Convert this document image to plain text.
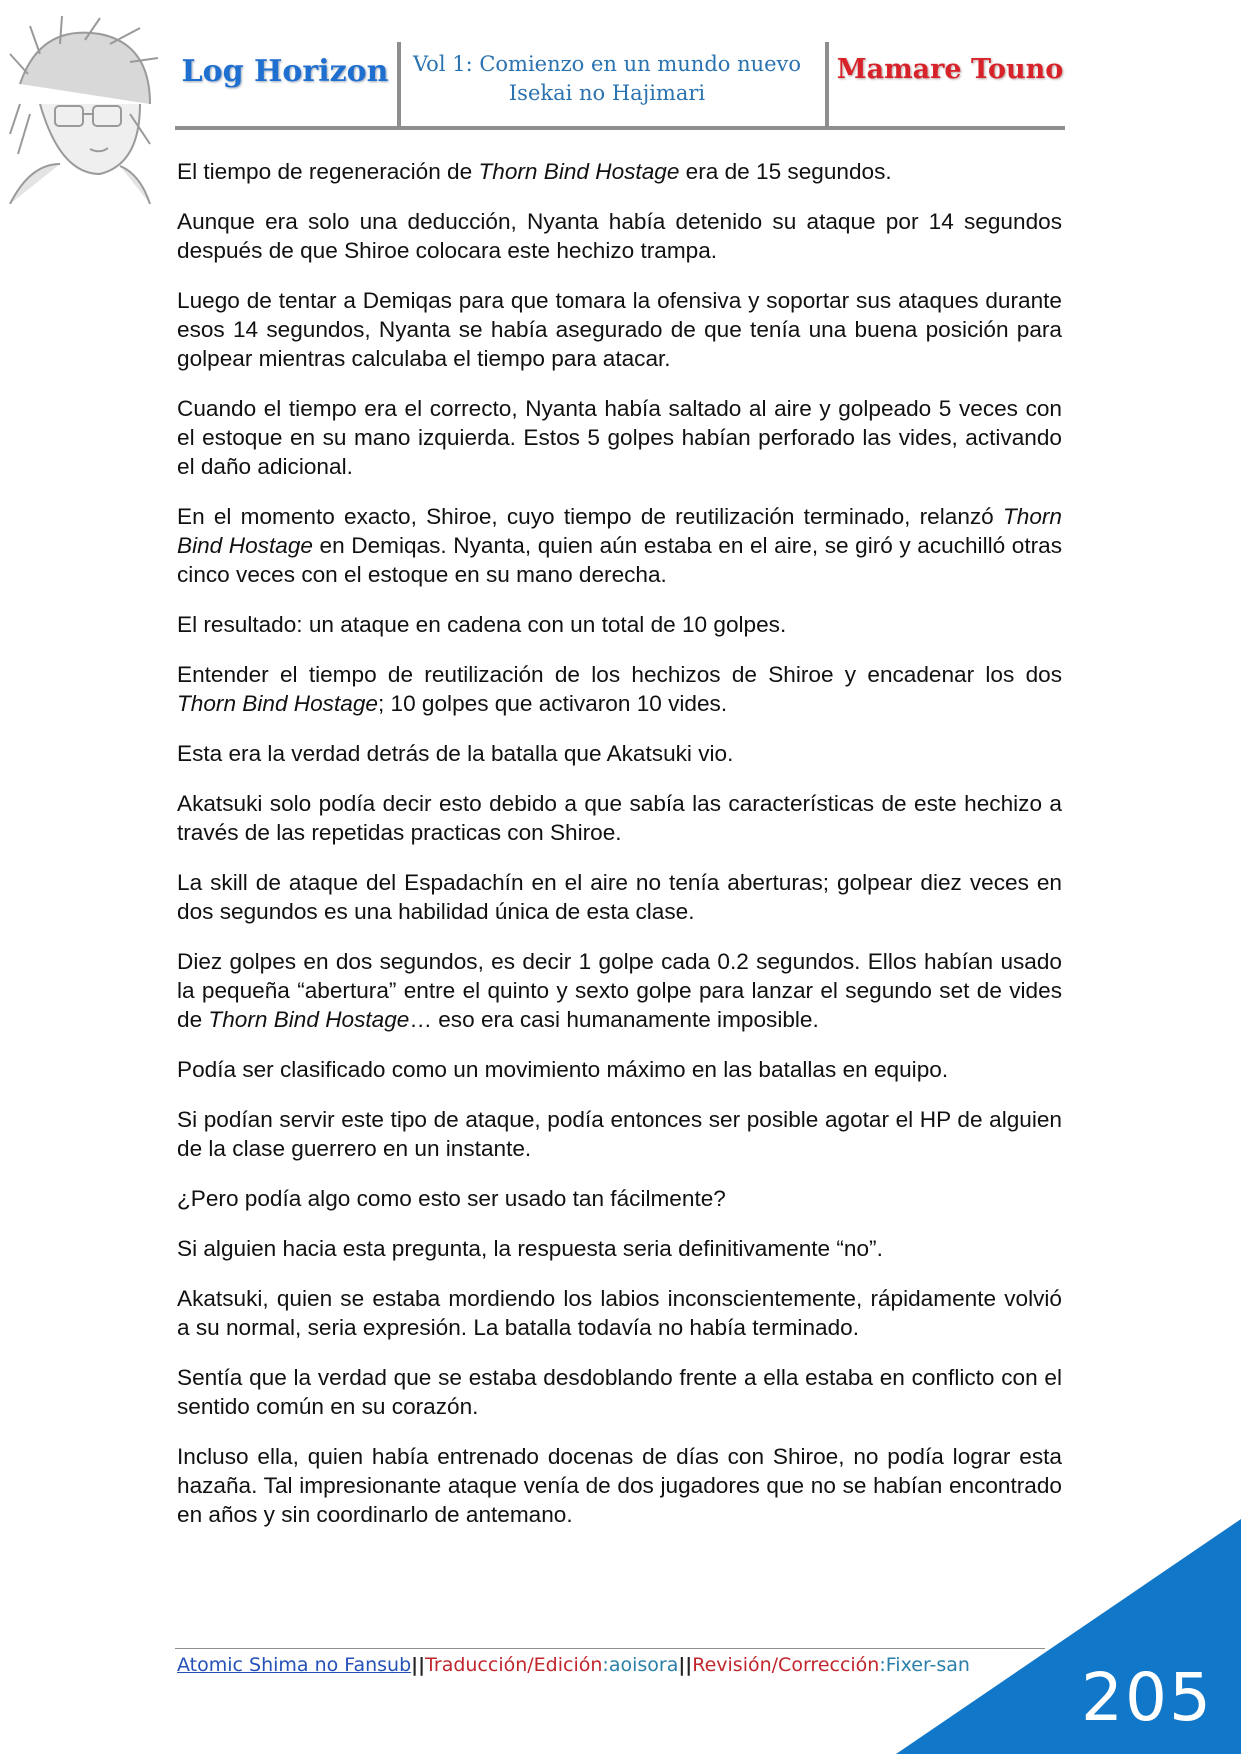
Log Horizon	Vol 1: Comienzo en un mundo nuevo
Isekai no Hajimari
Mamare Touno

El tiempo de regeneración de Thorn Bind Hostage era de 15 segundos.

Aunque era solo una deducción, Nyanta había detenido su ataque por 14 segundos después de que Shiroe colocara este hechizo trampa.

Luego de tentar a Demiqas para que tomara la ofensiva y soportar sus ataques durante esos 14 segundos, Nyanta se había asegurado de que tenía una buena posición para golpear mientras calculaba el tiempo para atacar.

Cuando el tiempo era el correcto, Nyanta había saltado al aire y golpeado 5 veces con el estoque en su mano izquierda. Estos 5 golpes habían perforado las vides, activando el daño adicional.

En el momento exacto, Shiroe, cuyo tiempo de reutilización terminado, relanzó Thorn Bind Hostage en Demiqas. Nyanta, quien aún estaba en el aire, se giró y acuchilló otras cinco veces con el estoque en su mano derecha.

El resultado: un ataque en cadena con un total de 10 golpes.

Entender el tiempo de reutilización de los hechizos de Shiroe y encadenar los dos Thorn Bind Hostage; 10 golpes que activaron 10 vides.

Esta era la verdad detrás de la batalla que Akatsuki vio.

Akatsuki solo podía decir esto debido a que sabía las características de este hechizo a través de las repetidas practicas con Shiroe.

La skill de ataque del Espadachín en el aire no tenía aberturas; golpear diez veces en dos segundos es una habilidad única de esta clase.

Diez golpes en dos segundos, es decir 1 golpe cada 0.2 segundos. Ellos habían usado la pequeña “abertura” entre el quinto y sexto golpe para lanzar el segundo set de vides de Thorn Bind Hostage… eso era casi humanamente imposible.

Podía ser clasificado como un movimiento máximo en las batallas en equipo.

Si podían servir este tipo de ataque, podía entonces ser posible agotar el HP de alguien de la clase guerrero en un instante.

¿Pero podía algo como esto ser usado tan fácilmente?

Si alguien hacia esta pregunta, la respuesta seria definitivamente “no”.

Akatsuki, quien se estaba mordiendo los labios inconscientemente, rápidamente volvió a su normal, seria expresión. La batalla todavía no había terminado.

Sentía que la verdad que se estaba desdoblando frente a ella estaba en conflicto con el sentido común en su corazón.

Incluso ella, quien había entrenado docenas de días con Shiroe, no podía lograr esta hazaña. Tal impresionante ataque venía de dos jugadores que no se habían encontrado en años y sin coordinarlo de antemano.

Atomic Shima no Fansub||Traducción/Edición:aoisora||Revisión/Corrección:Fixer-san 205
